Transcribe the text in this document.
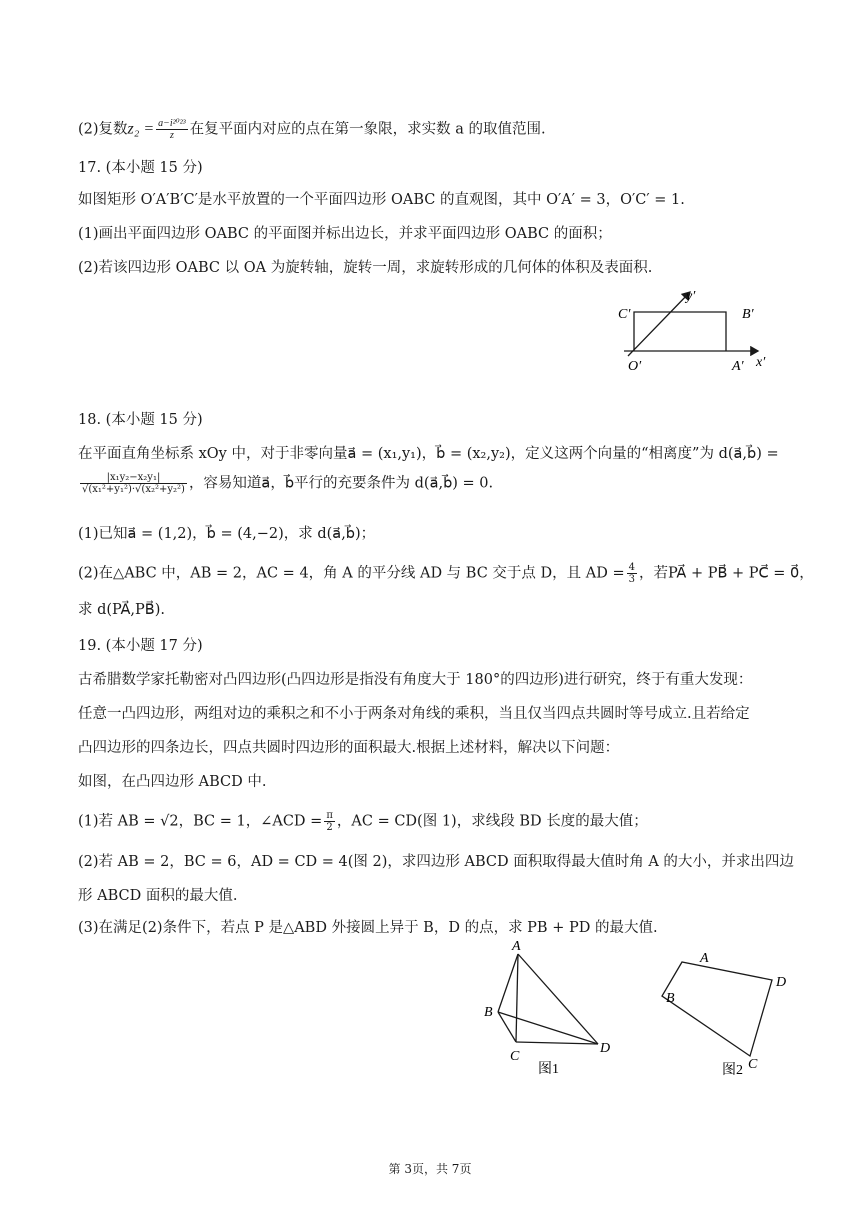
(2)复数$z_2 = \frac{\text{a−i²⁰²³}}{z}$ 在复平面内对应的点在第一象限，求实数 a 的取值范围.
17. (本小题 15 分)
如图矩形 O′A′B′C′是水平放置的一个平面四边形 OABC 的直观图，其中 O′A′ = 3，O′C′ = 1.
(1)画出平面四边形 OABC 的平面图并标出边长，并求平面四边形 OABC 的面积；
(2)若该四边形 OABC 以 OA 为旋转轴，旋转一周，求旋转形成的几何体的体积及表面积.
C′	B′
O′	A′ x′
y′
18. (本小题 15 分)
在平面直角坐标系 xOy 中，对于非零向量a⃗ = (x₁,y₁)，b⃗ = (x₂,y₂)，定义这两个向量的“相离度”为 d(a⃗,b⃗) =
$\frac{\text{|x₁y₂−x₂y₁|}}{\text{√(x₁²+y₁²)·√(x₂²+y₂²)}}$ ，容易知道a⃗，b⃗平行的充要条件为 d(a⃗,b⃗) = 0.
(1)已知a⃗ = (1,2)，b⃗ = (4,−2)，求 d(a⃗,b⃗)；
(2)在△ABC 中，AB = 2，AC = 4，角 A 的平分线 AD 与 BC 交于点 D，且 AD = $\frac{4}{3}$ ，若PA⃗ + PB⃗ + PC⃗ = 0⃗，
求 d(PA⃗,PB⃗).
19. (本小题 17 分)
古希腊数学家托勒密对凸四边形(凸四边形是指没有角度大于 180°的四边形)进行研究，终于有重大发现：
任意一凸四边形，两组对边的乘积之和不小于两条对角线的乘积，当且仅当四点共圆时等号成立.且若给定
凸四边形的四条边长，四点共圆时四边形的面积最大.根据上述材料，解决以下问题：
如图，在凸四边形 ABCD 中.
(1)若 AB = √2，BC = 1，∠ACD = $\frac{\pi}{2}$ ，AC = CD(图 1)，求线段 BD 长度的最大值；
(2)若 AB = 2，BC = 6，AD = CD = 4(图 2)，求四边形 ABCD 面积取得最大值时角 A 的大小，并求出四边
形 ABCD 面积的最大值.
(3)在满足(2)条件下，若点 P 是△ABD 外接圆上异于 B，D 的点，求 PB + PD 的最大值.
A
B
C
D
图1
A
B
C
D
图2
第 3页，共 7页
